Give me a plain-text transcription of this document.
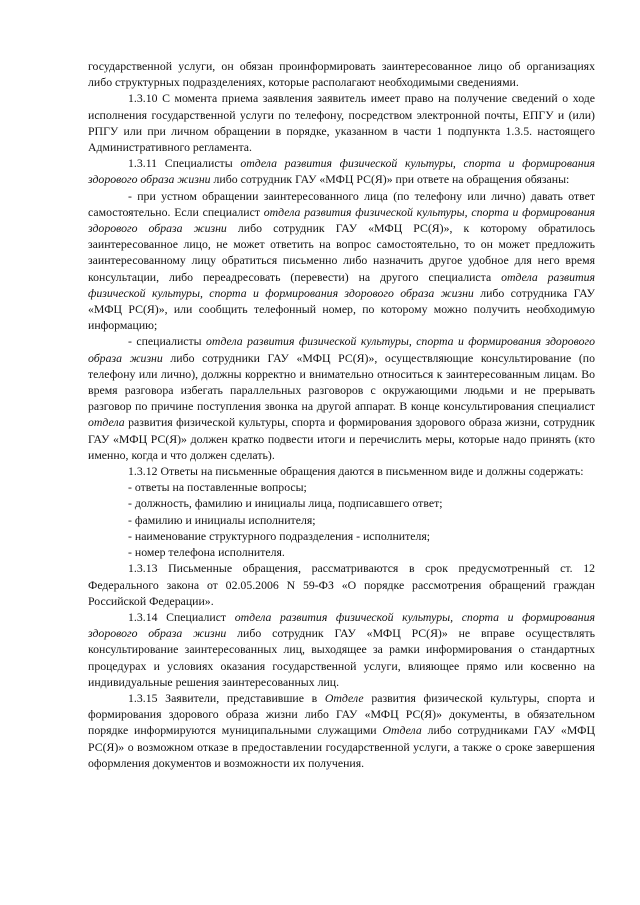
государственной услуги, он обязан проинформировать заинтересованное лицо об организациях либо структурных подразделениях, которые располагают необходимыми сведениями.

1.3.10 С момента приема заявления заявитель имеет право на получение сведений о ходе исполнения государственной услуги по телефону, посредством электронной почты, ЕПГУ и (или) РПГУ или при личном обращении в порядке, указанном в части 1 подпункта 1.3.5. настоящего Административного регламента.

1.3.11 Специалисты отдела развития физической культуры, спорта и формирования здорового образа жизни либо сотрудник ГАУ «МФЦ РС(Я)» при ответе на обращения обязаны:

- при устном обращении заинтересованного лица (по телефону или лично) давать ответ самостоятельно. Если специалист отдела развития физической культуры, спорта и формирования здорового образа жизни либо сотрудник ГАУ «МФЦ РС(Я)», к которому обратилось заинтересованное лицо, не может ответить на вопрос самостоятельно, то он может предложить заинтересованному лицу обратиться письменно либо назначить другое удобное для него время консультации, либо переадресовать (перевести) на другого специалиста отдела развития физической культуры, спорта и формирования здорового образа жизни либо сотрудника ГАУ «МФЦ РС(Я)», или сообщить телефонный номер, по которому можно получить необходимую информацию;

- специалисты отдела развития физической культуры, спорта и формирования здорового образа жизни либо сотрудники ГАУ «МФЦ РС(Я)», осуществляющие консультирование (по телефону или лично), должны корректно и внимательно относиться к заинтересованным лицам. Во время разговора избегать параллельных разговоров с окружающими людьми и не прерывать разговор по причине поступления звонка на другой аппарат. В конце консультирования специалист отдела развития физической культуры, спорта и формирования здорового образа жизни, сотрудник ГАУ «МФЦ РС(Я)» должен кратко подвести итоги и перечислить меры, которые надо принять (кто именно, когда и что должен сделать).

1.3.12 Ответы на письменные обращения даются в письменном виде и должны содержать:

- ответы на поставленные вопросы;

- должность, фамилию и инициалы лица, подписавшего ответ;

- фамилию и инициалы исполнителя;

- наименование структурного подразделения - исполнителя;

- номер телефона исполнителя.

1.3.13 Письменные обращения, рассматриваются в срок предусмотренный ст. 12 Федерального закона от 02.05.2006 N 59-ФЗ «О порядке рассмотрения обращений граждан Российской Федерации».

1.3.14 Специалист отдела развития физической культуры, спорта и формирования здорового образа жизни либо сотрудник ГАУ «МФЦ РС(Я)» не вправе осуществлять консультирование заинтересованных лиц, выходящее за рамки информирования о стандартных процедурах и условиях оказания государственной услуги, влияющее прямо или косвенно на индивидуальные решения заинтересованных лиц.

1.3.15 Заявители, представившие в Отделе развития физической культуры, спорта и формирования здорового образа жизни либо ГАУ «МФЦ РС(Я)» документы, в обязательном порядке информируются муниципальными служащими Отдела либо сотрудниками ГАУ «МФЦ РС(Я)» о возможном отказе в предоставлении государственной услуги, а также о сроке завершения оформления документов и возможности их получения.
